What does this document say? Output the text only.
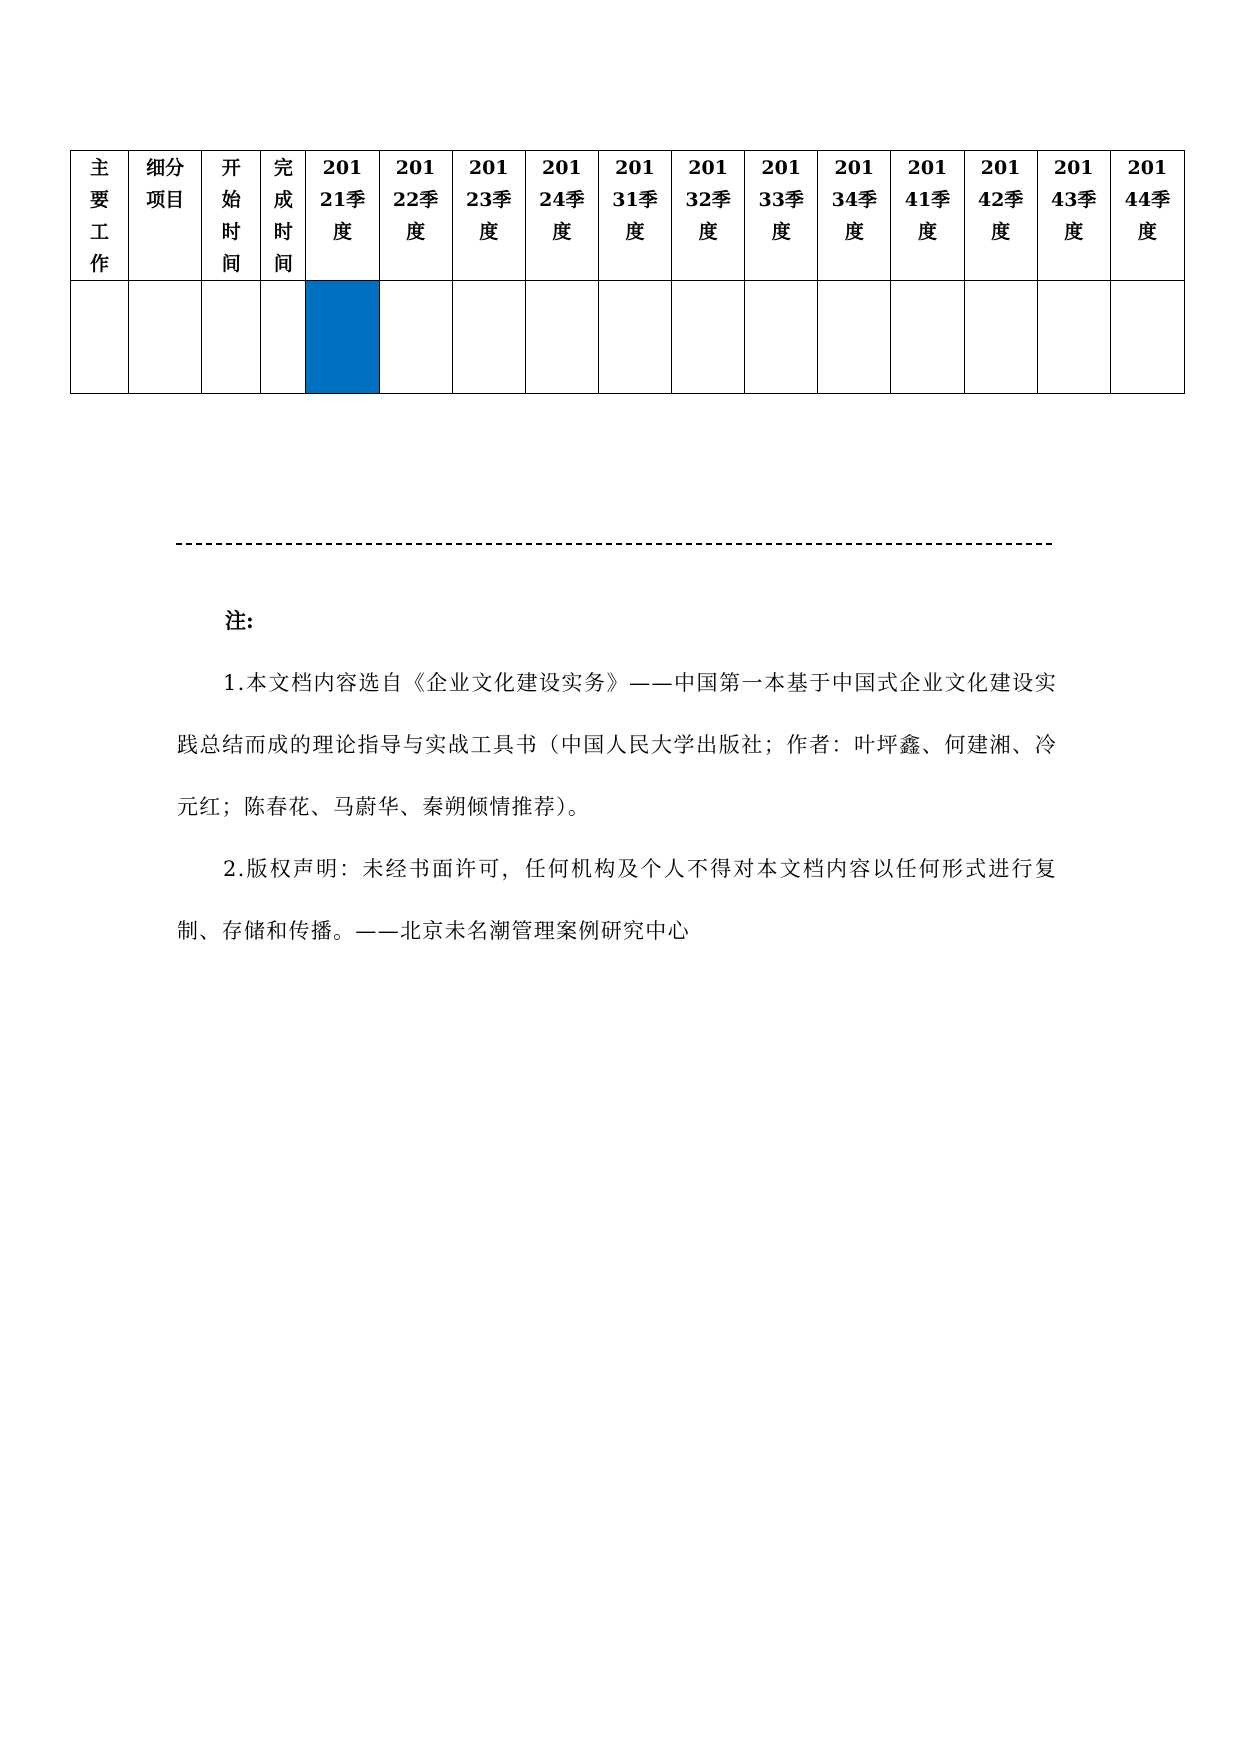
主要工作	细分项目	开始时间	完成时间	20121季度	20122季度	20123季度	20124季度	20131季度	20132季度	20133季度	20134季度	20141季度	20142季度	20143季度	20144季度

注:

1.本文档内容选自《企业文化建设实务》——中国第一本基于中国式企业文化建设实践总结而成的理论指导与实战工具书（中国人民大学出版社；作者：叶坪鑫、何建湘、冷元红；陈春花、马蔚华、秦朔倾情推荐）。

2.版权声明：未经书面许可，任何机构及个人不得对本文档内容以任何形式进行复制、存储和传播。——北京未名潮管理案例研究中心
